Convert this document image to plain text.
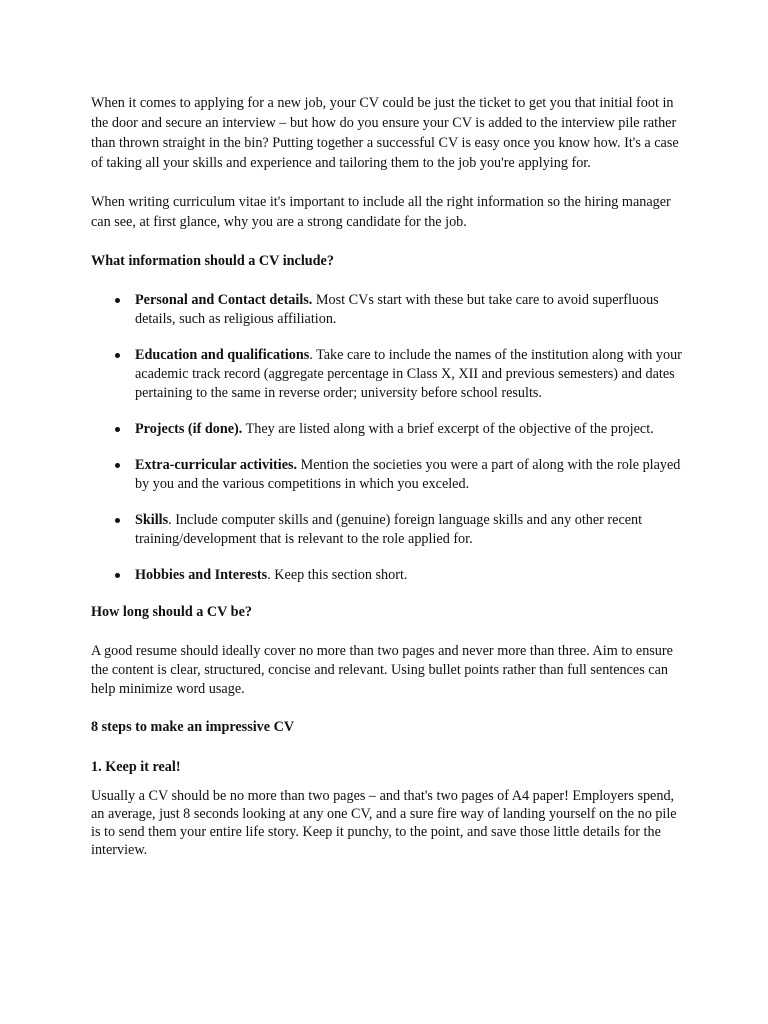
When it comes to applying for a new job, your CV could be just the ticket to get you that initial foot in the door and secure an interview – but how do you ensure your CV is added to the interview pile rather than thrown straight in the bin? Putting together a successful CV is easy once you know how. It's a case of taking all your skills and experience and tailoring them to the job you're applying for.

When writing curriculum vitae it's important to include all the right information so the hiring manager can see, at first glance, why you are a strong candidate for the job.

What information should a CV include?

Personal and Contact details. Most CVs start with these but take care to avoid superfluous details, such as religious affiliation.
Education and qualifications. Take care to include the names of the institution along with your academic track record (aggregate percentage in Class X, XII and previous semesters) and dates pertaining to the same in reverse order; university before school results.
Projects (if done). They are listed along with a brief excerpt of the objective of the project.
Extra-curricular activities. Mention the societies you were a part of along with the role played by you and the various competitions in which you exceled.
Skills. Include computer skills and (genuine) foreign language skills and any other recent training/development that is relevant to the role applied for.
Hobbies and Interests. Keep this section short.

How long should a CV be?

A good resume should ideally cover no more than two pages and never more than three. Aim to ensure the content is clear, structured, concise and relevant. Using bullet points rather than full sentences can help minimize word usage.

8 steps to make an impressive CV

1. Keep it real!

Usually a CV should be no more than two pages – and that's two pages of A4 paper! Employers spend, an average, just 8 seconds looking at any one CV, and a sure fire way of landing yourself on the no pile is to send them your entire life story. Keep it punchy, to the point, and save those little details for the interview.
